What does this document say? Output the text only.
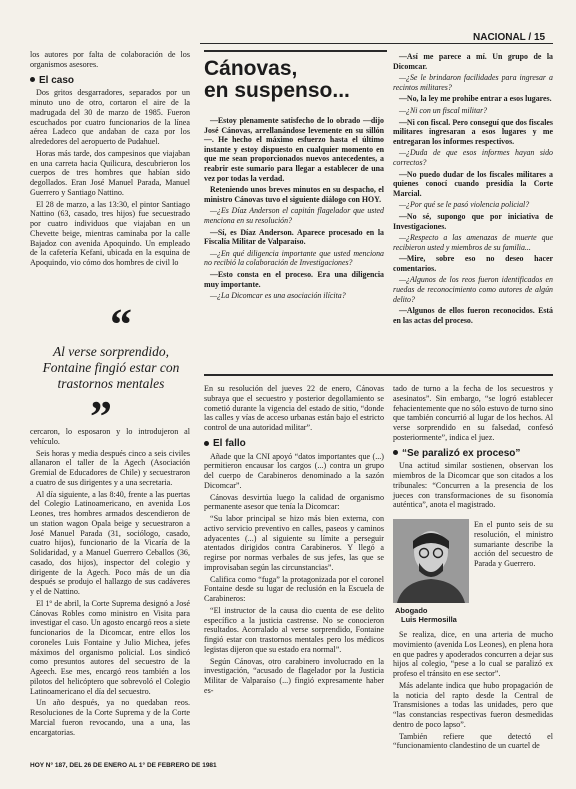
NACIONAL / 15

los autores por falta de colaboración de los organismos asesores.

El caso

Dos gritos desgarradores, separados por un minuto uno de otro, cortaron el aire de la madrugada del 30 de marzo de 1985. Fueron escuchados por cuatro funcionarios de la línea aérea Ladeco que andaban de caza por los alrededores del aeropuerto de Pudahuel.

Horas más tarde, dos campesinos que viajaban en una carreta hacia Quilicura, descubrieron los cuerpos de tres hombres que habían sido degollados. Eran José Manuel Parada, Manuel Guerrero y Santiago Nattino.

El 28 de marzo, a las 13:30, el pintor Santiago Nattino (63, casado, tres hijos) fue secuestrado por cuatro individuos que viajaban en un Chevette beige, mientras caminaba por la calle Bajadoz con avenida Apoquindo. Un empleado de la cafetería Kefani, ubicada en la esquina de Apoquindo, vio cómo dos hombres de civil lo

“
Al verse sorprendido, Fontaine fingió estar con trastornos mentales
”

cercaron, lo esposaron y lo introdujeron al vehículo.

Seis horas y media después cinco a seis civiles allanaron el taller de la Agech (Asociación Gremial de Educadores de Chile) y secuestraron a cuatro de sus dirigentes y a una secretaria.

Al día siguiente, a las 8:40, frente a las puertas del Colegio Latinoamericano, en avenida Los Leones, tres hombres armados descendieron de un station wagon Opala beige y secuestraron a José Manuel Parada (31, sociólogo, casado, cuatro hijos), funcionario de la Vicaría de la Solidaridad, y a Manuel Guerrero Ceballos (36, casado, dos hijos), inspector del colegio y dirigente de la Agech. Poco más de un día después se produjo el hallazgo de sus cadáveres y el de Nattino.

El 1º de abril, la Corte Suprema designó a José Cánovas Robles como ministro en Visita para investigar el caso. Un agosto encargó reos a siete funcionarios de la Dicomcar, entre ellos los coroneles Luis Fontaine y Julio Michea, jefes máximos del organismo policial. Los sindicó como presuntos autores del secuestro de la Ageech. Ese mes, encargó reos también a los pilotos del helicóptero que sobrevoló el Colegio Latinoamericano el día del secuestro.

Un año después, ya no quedaban reos. Resoluciones de la Corte Suprema y de la Corte Marcial fueron revocando, una a una, las encargatorias.

Cánovas,
en suspenso...

—Estoy plenamente satisfecho de lo obrado —dijo José Cánovas, arrellanándose levemente en su sillón—. He hecho el máximo esfuerzo hasta el último instante y estoy dispuesto en cualquier momento en que me sean proporcionados nuevos antecedentes, a reabrir este sumario para llegar a establecer de una vez por todas la verdad.

Reteniendo unos breves minutos en su despacho, el ministro Cánovas tuvo el siguiente diálogo con HOY.

—¿Es Díaz Anderson el capitán flagelador que usted menciona en su resolución?

—Sí, es Díaz Anderson. Aparece procesado en la Fiscalía Militar de Valparaíso.

—¿En qué diligencia importante que usted menciona no recibió la colaboración de Investigaciones?

—Esto consta en el proceso. Era una diligencia muy importante.

—¿La Dicomcar es una asociación ilícita?

—Así me parece a mí. Un grupo de la Dicomcar.

—¿Se le brindaron facilidades para ingresar a recintos militares?

—No, la ley me prohibe entrar a esos lugares.

—¿Ni con un fiscal militar?

—Ni con fiscal. Pero conseguí que dos fiscales militares ingresaran a esos lugares y me entregaran los informes respectivos.

—¿Duda de que esos informes hayan sido correctos?

—No puedo dudar de los fiscales militares a quienes conocí cuando presidía la Corte Marcial.

—¿Por qué se le pasó violencia policial?

—No sé, supongo que por iniciativa de Investigaciones.

—¿Respecto a las amenazas de muerte que recibieron usted y miembros de su familia...

—Mire, sobre eso no deseo hacer comentarios.

—¿Algunos de los reos fueron identificados en ruedas de reconocimiento como autores de algún delito?

—Algunos de ellos fueron reconocidos. Está en las actas del proceso.

En su resolución del jueves 22 de enero, Cánovas subraya que el secuestro y posterior degollamiento se cometió durante la vigencia del estado de sitio, “donde las calles y vías de acceso urbanas están bajo el estricto control de una autoridad militar”.

El fallo

Añade que la CNI apoyó “datos importantes que (...) permitieron encausar los cargos (...) contra un grupo del cuerpo de Carabineros denominado a la sazón Dicomcar”.

Cánovas desvirtúa luego la calidad de organismo permanente asesor que tenía la Dicomcar:

“Su labor principal se hizo más bien externa, con activo servicio preventivo en calles, paseos y caminos adyacentes (...) al siguiente su límite a perseguir atentados dirigidos contra Carabineros. Y llegó a regirse por normas verbales de sus jefes, las que se improvisaban según las circunstancias”.

Califica como “fuga” la protagonizada por el coronel Fontaine desde su lugar de reclusión en la Escuela de Carabineros:

“El instructor de la causa dio cuenta de ese delito específico a la justicia castrense. No se conocieron resultados. Acorralado al verse sorprendido, Fontaine fingió estar con trastornos mentales pero los médicos legistas dijeron que su estado era normal”.

Según Cánovas, otro carabinero involucrado en la investigación, “acusado de flagelador por la Justicia Militar de Valparaíso (...) fingió expresamente haber es-

tado de turno a la fecha de los secuestros y asesinatos”. Sin embargo, “se logró establecer fehacientemente que no sólo estuvo de turno sino que también concurrió al lugar de los hechos. Al verse sorprendido en su falsedad, confesó posteriormente”, indica el juez.

“Se paralizó ex proceso”

Una actitud similar sostienen, observan los miembros de la Dicomcar que son citados a los tribunales: “Concurren a la presencia de los jueces con transformaciones de su fisonomía auténtica”, anota el magistrado.

Abogado
Luis Hermosilla

En el punto seis de su resolución, el ministro sumariante describe la acción del secuestro de Parada y Guerrero.

Se realiza, dice, en una arteria de mucho movimiento (avenida Los Leones), en plena hora en que padres y apoderados concurren a dejar sus hijos al colegio, “pese a lo cual se paralizó ex profeso el tránsito en ese sector”.

Más adelante indica que hubo propagación de la noticia del rapto desde la Central de Transmisiones a todas las unidades, pero que “las constancias respectivas fueron desmedidas dentro de poco lapso”.

También refiere que detectó el “funcionamiento clandestino de un cuartel de

HOY N° 187, DEL 26 DE ENERO AL 1° DE FEBRERO DE 1981
